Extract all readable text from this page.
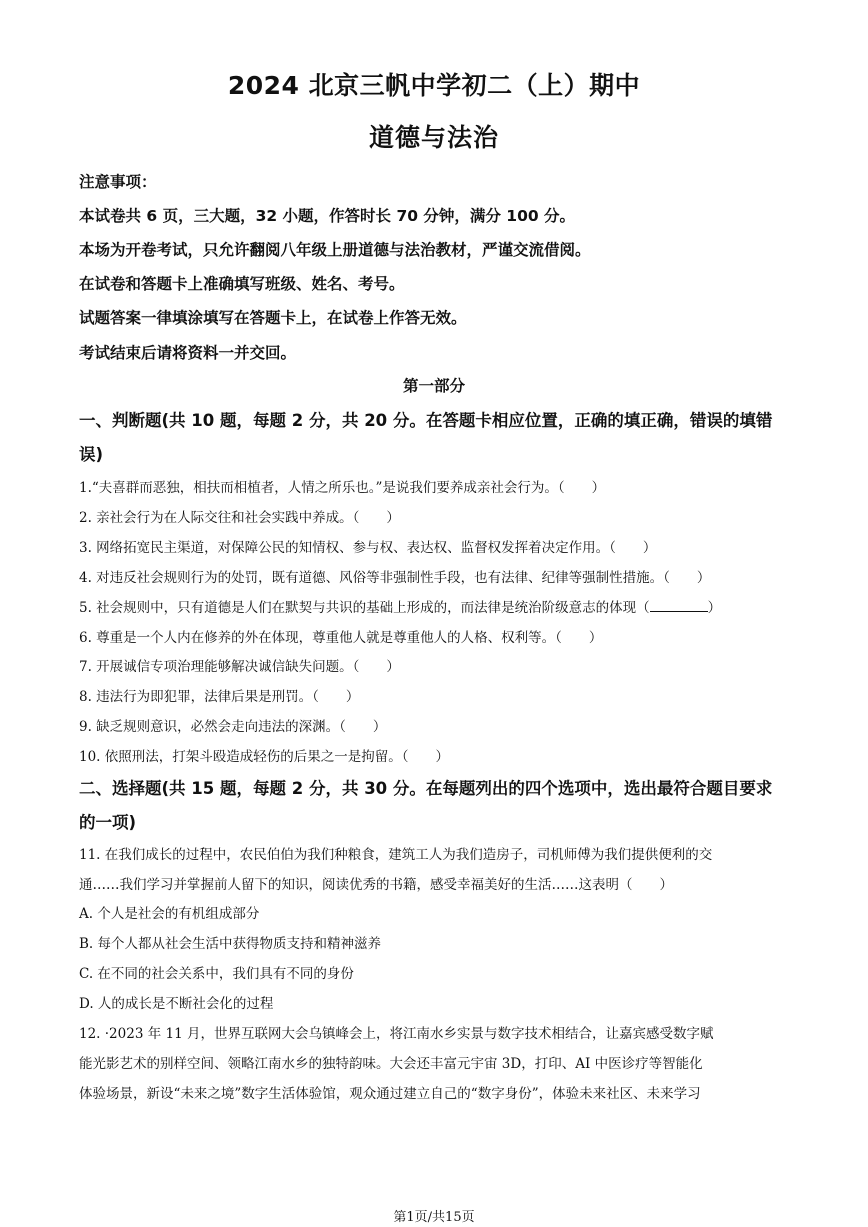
2024 北京三帆中学初二（上）期中
道德与法治
注意事项：
本试卷共 6 页，三大题，32 小题，作答时长 70 分钟，满分 100 分。
本场为开卷考试，只允许翻阅八年级上册道德与法治教材，严谨交流借阅。
在试卷和答题卡上准确填写班级、姓名、考号。
试题答案一律填涂填写在答题卡上，在试卷上作答无效。
考试结束后请将资料一并交回。
第一部分
一、判断题(共 10 题，每题 2 分，共 20 分。在答题卡相应位置，正确的填正确，错误的填错
误)
1.“夫喜群而恶独，相扶而相植者，人情之所乐也。”是说我们要养成亲社会行为。（　　）
2. 亲社会行为在人际交往和社会实践中养成。（　　）
3. 网络拓宽民主渠道，对保障公民的知情权、参与权、表达权、监督权发挥着决定作用。（　　）
4. 对违反社会规则行为的处罚，既有道德、风俗等非强制性手段，也有法律、纪律等强制性措施。（　　）
5. 社会规则中，只有道德是人们在默契与共识的基础上形成的，而法律是统治阶级意志的体现（	）
6. 尊重是一个人内在修养的外在体现，尊重他人就是尊重他人的人格、权利等。（　　）
7. 开展诚信专项治理能够解决诚信缺失问题。（　　）
8. 违法行为即犯罪，法律后果是刑罚。（　　）
9. 缺乏规则意识，必然会走向违法的深渊。（　　）
10. 依照刑法，打架斗殴造成轻伤的后果之一是拘留。（　　）
二、选择题(共 15 题，每题 2 分，共 30 分。在每题列出的四个选项中，选出最符合题目要求
的一项)
11. 在我们成长的过程中，农民伯伯为我们种粮食，建筑工人为我们造房子，司机师傅为我们提供便利的交
通……我们学习并掌握前人留下的知识，阅读优秀的书籍，感受幸福美好的生活……这表明（　　）
A. 个人是社会的有机组成部分
B. 每个人都从社会生活中获得物质支持和精神滋养
C. 在不同的社会关系中，我们具有不同的身份
D. 人的成长是不断社会化的过程
12. ·2023 年 11 月，世界互联网大会乌镇峰会上，将江南水乡实景与数字技术相结合，让嘉宾感受数字赋
能光影艺术的别样空间、领略江南水乡的独特韵味。大会还丰富元宇宙 3D，打印、AI 中医诊疗等智能化
体验场景，新设“未来之境”数字生活体验馆，观众通过建立自己的“数字身份”，体验未来社区、未来学习
第1页/共15页
